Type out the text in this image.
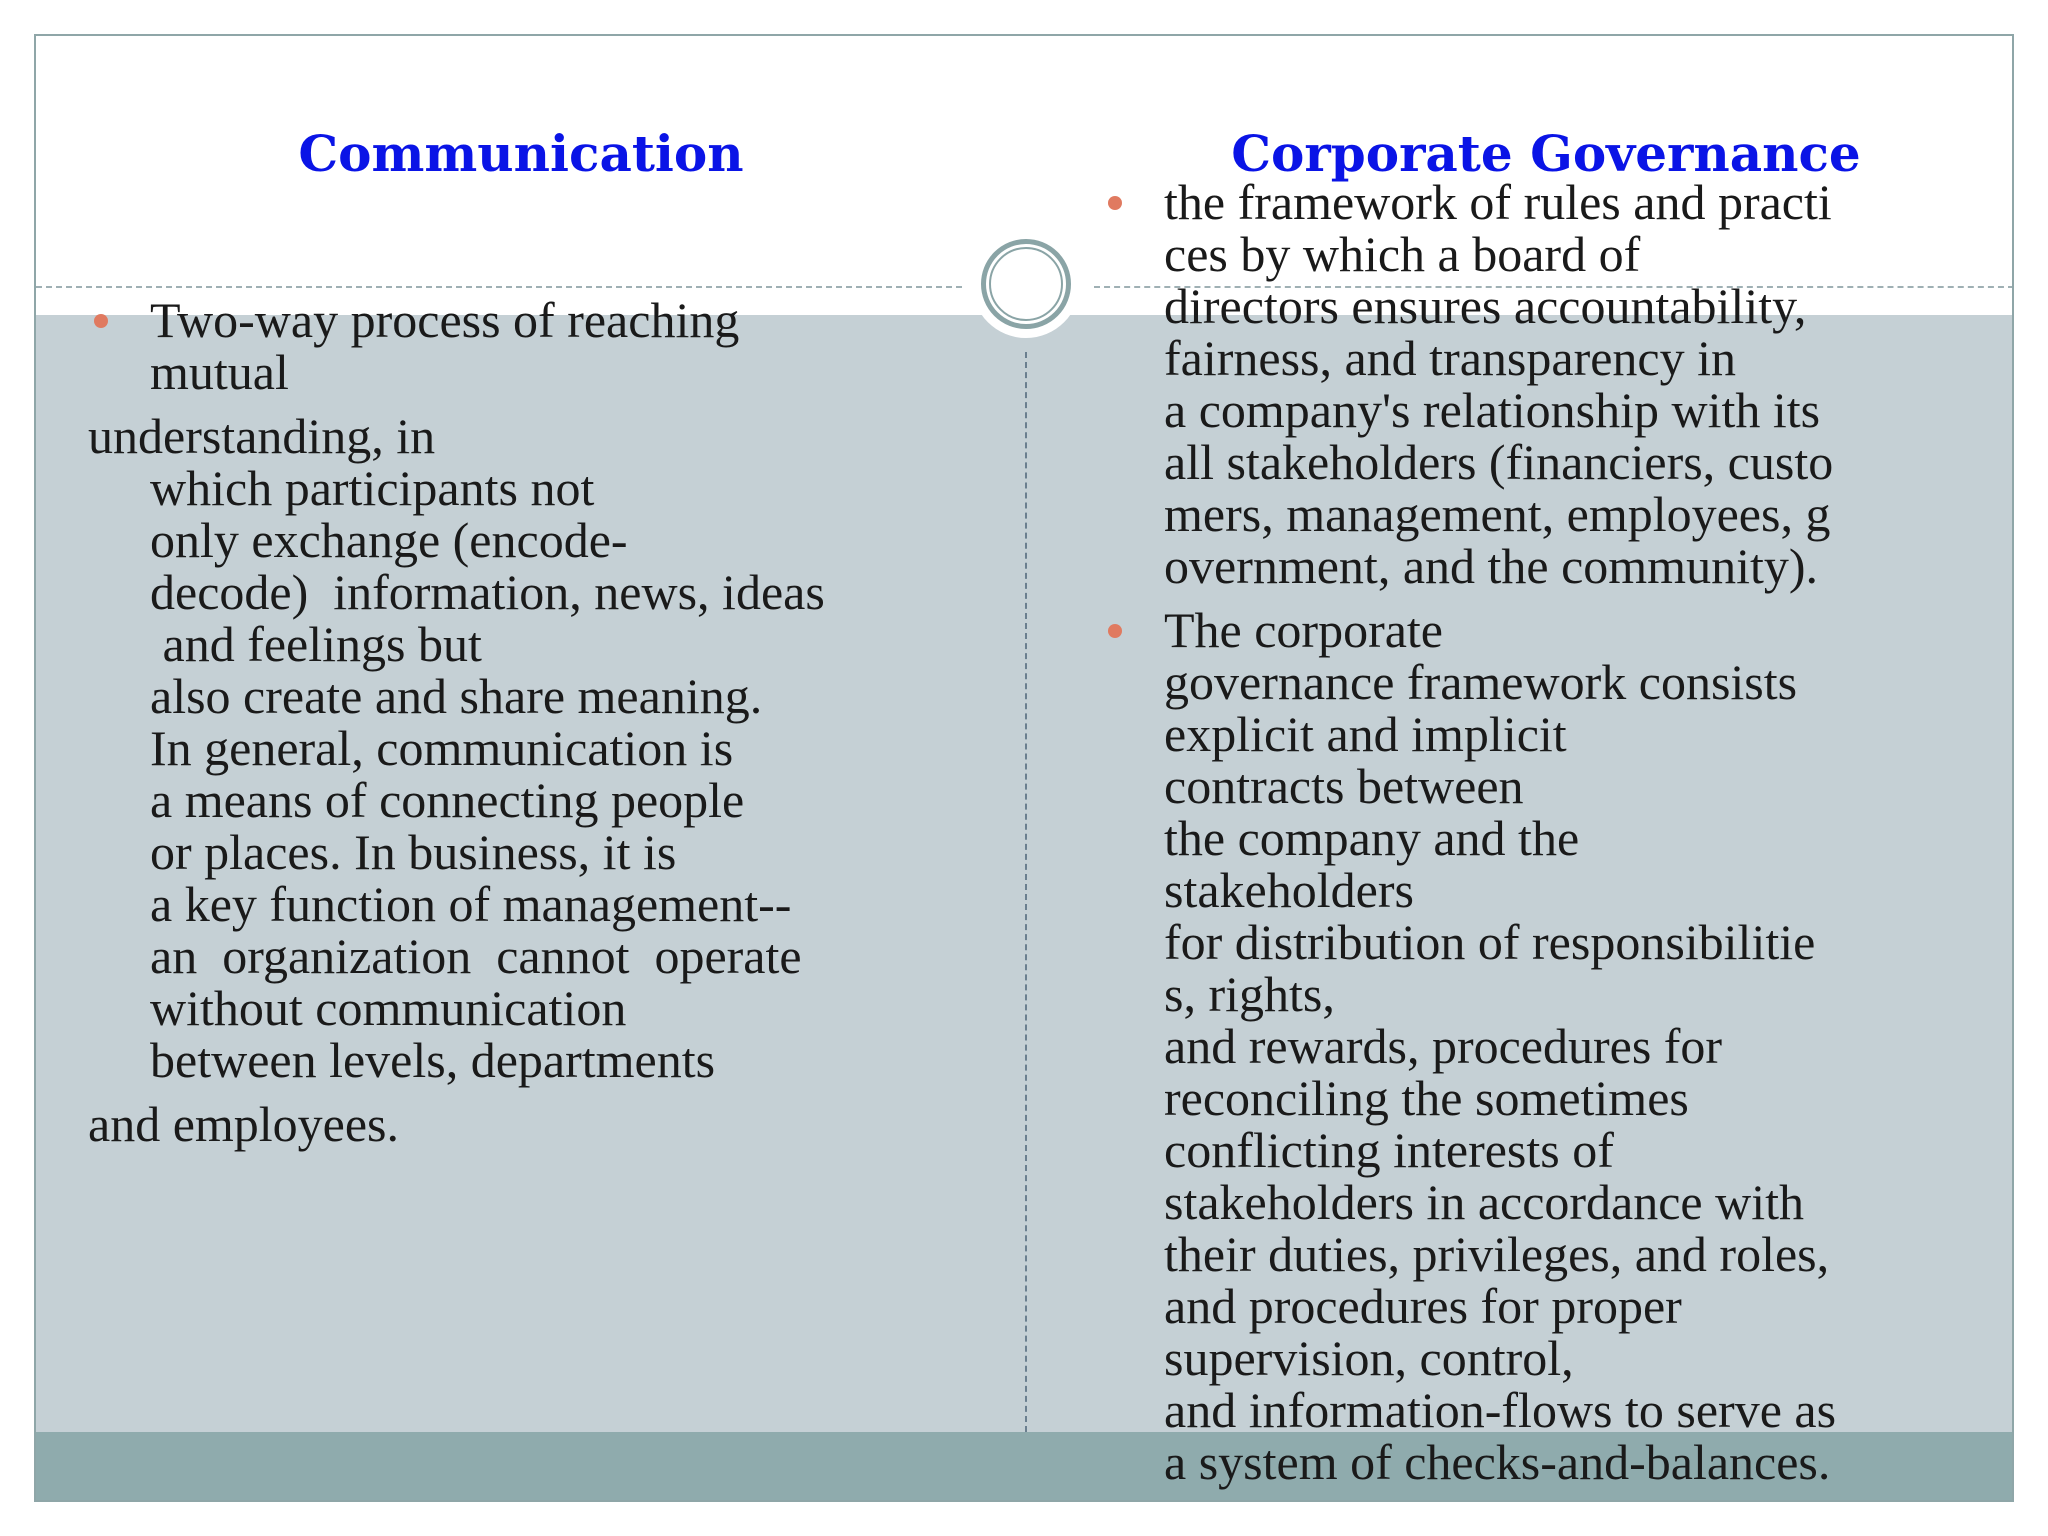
Communication	Corporate Governance
Two-way process of reaching
mutual
understanding, in
which participants not
only exchange (encode-
decode)  information, news, ideas
and feelings but
also create and share meaning.
In general, communication is
a means of connecting people
or places. In business, it is
a key function of management--
an  organization  cannot  operate
without communication
between levels, departments
and employees.
the framework of rules and practi
ces by which a board of
directors ensures accountability,
fairness, and transparency in
a company's relationship with its
all stakeholders (financiers, custo
mers, management, employees, g
overnment, and the community).
The corporate
governance framework consists
explicit and implicit
contracts between
the company and the
stakeholders
for distribution of responsibilitie
s, rights,
and rewards, procedures for
reconciling the sometimes
conflicting interests of
stakeholders in accordance with
their duties, privileges, and roles,
and procedures for proper
supervision, control,
and information-flows to serve as
a system of checks-and-balances.
